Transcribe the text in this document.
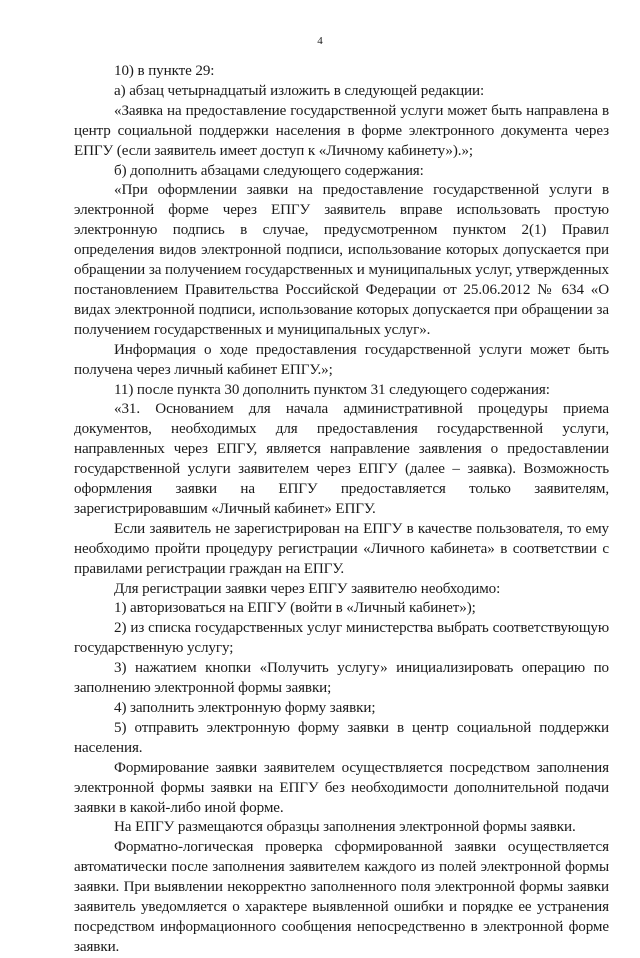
4

10) в пункте 29:

а) абзац четырнадцатый изложить в следующей редакции:

«Заявка на предоставление государственной услуги может быть направлена в центр социальной поддержки населения в форме электронного документа через ЕПГУ (если заявитель имеет доступ к «Личному кабинету»).»;

б) дополнить абзацами следующего содержания:

«При оформлении заявки на предоставление государственной услуги в электронной форме через ЕПГУ заявитель вправе использовать простую электронную подпись в случае, предусмотренном пунктом 2(1) Правил определения видов электронной подписи, использование которых допускается при обращении за получением государственных и муниципальных услуг, утвержденных постановлением Правительства Российской Федерации от 25.06.2012 № 634 «О видах электронной подписи, использование которых допускается при обращении за получением государственных и муниципальных услуг».

Информация о ходе предоставления государственной услуги может быть получена через личный кабинет ЕПГУ.»;

11) после пункта 30 дополнить пунктом 31 следующего содержания:

«31. Основанием для начала административной процедуры приема документов, необходимых для предоставления государственной услуги, направленных через ЕПГУ, является направление заявления о предоставлении государственной услуги заявителем через ЕПГУ (далее – заявка). Возможность оформления заявки на ЕПГУ предоставляется только заявителям, зарегистрировавшим «Личный кабинет» ЕПГУ.

Если заявитель не зарегистрирован на ЕПГУ в качестве пользователя, то ему необходимо пройти процедуру регистрации «Личного кабинета» в соответствии с правилами регистрации граждан на ЕПГУ.

Для регистрации заявки через ЕПГУ заявителю необходимо:

1) авторизоваться на ЕПГУ (войти в «Личный кабинет»);

2) из списка государственных услуг министерства выбрать соответствующую государственную услугу;

3) нажатием кнопки «Получить услугу» инициализировать операцию по заполнению электронной формы заявки;

4) заполнить электронную форму заявки;

5) отправить электронную форму заявки в центр социальной поддержки населения.

Формирование заявки заявителем осуществляется посредством заполнения электронной формы заявки на ЕПГУ без необходимости дополнительной подачи заявки в какой-либо иной форме.

На ЕПГУ размещаются образцы заполнения электронной формы заявки.

Форматно-логическая проверка сформированной заявки осуществляется автоматически после заполнения заявителем каждого из полей электронной формы заявки. При выявлении некорректно заполненного поля электронной формы заявки заявитель уведомляется о характере выявленной ошибки и порядке ее устранения посредством информационного сообщения непосредственно в электронной форме заявки.
